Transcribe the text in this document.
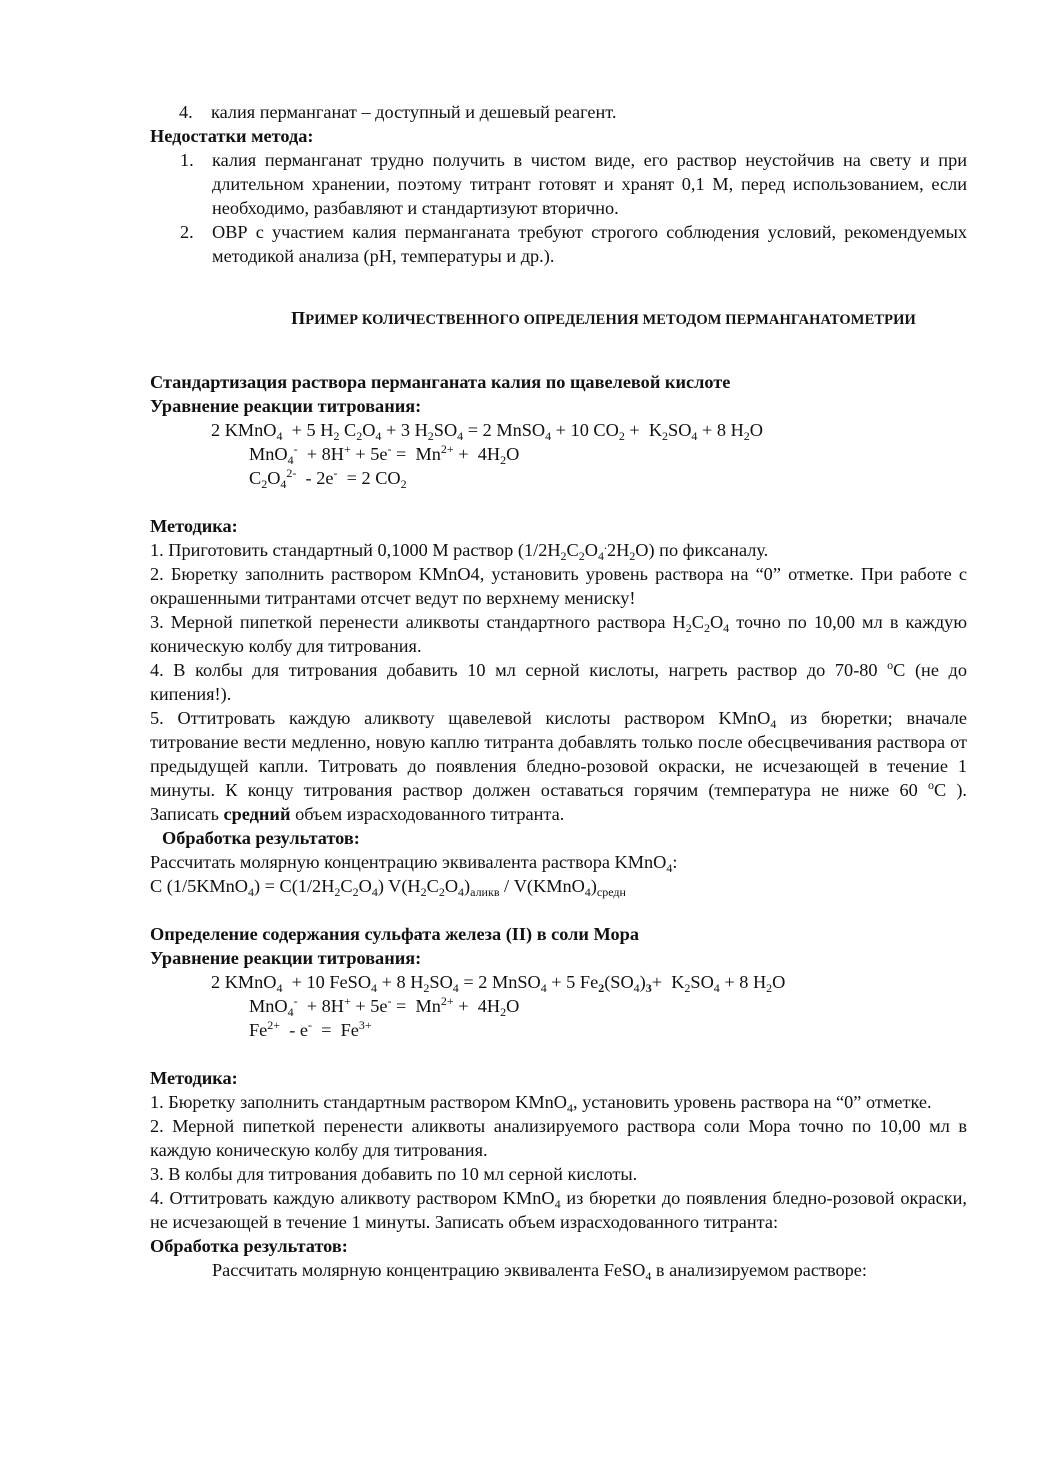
4. калия перманганат – доступный и дешевый реагент.

Недостатки метода:

1. калия перманганат трудно получить в чистом виде, его раствор неустойчив на свету и при длительном хранении, поэтому титрант готовят и хранят 0,1 М, перед использованием, если необходимо, разбавляют и стандартизуют вторично.
2. ОВР с участием калия перманганата требуют строгого соблюдения условий, рекомендуемых методикой анализа (рН, температуры и др.).

ПРИМЕР КОЛИЧЕСТВЕННОГО ОПРЕДЕЛЕНИЯ МЕТОДОМ ПЕРМАНГАНАТОМЕТРИИ

Стандартизация раствора перманганата калия по щавелевой кислоте

Уравнение реакции титрования:

2 KMnO$_4$  + 5 $H_2$ $C_2O_4 + 3$ $H_2SO_4 = 2$ MnSO$_4$ + 10 $CO_2 + K_2SO_4 + 8$ $H_2O$

$MnO_4^- + 8H^+ + 5e^- = Mn^{2+} + 4H_2O$

$C_2O_4^{2-} - 2e^- = 2$ $CO_2$

Методика:

1. Приготовить стандартный 0,1000 М раствор $(1/2H_2C_2O_4^.2H_2O)$ по фиксаналу.

2. Бюретку заполнить раствором KMnO4, установить уровень раствора на “0” отметке. При работе с окрашенными титрантами отсчет ведут по верхнему мениску!

3. Мерной пипеткой перенести аликвоты стандартного раствора $H_2C_2O_4$ точно по 10,00 мл в каждую коническую колбу для титрования.

4. В колбы для титрования добавить 10 мл серной кислоты, нагреть раствор до 70-80 $^o$С (не до кипения!).

5. Оттитровать каждую аликвоту щавелевой кислоты раствором KMnO$_4$ из бюретки; вначале титрование вести медленно, новую каплю титранта добавлять только после обесцвечивания раствора от предыдущей капли. Титровать до появления бледно-розовой окраски, не исчезающей в течение 1 минуты. К концу титрования раствор должен оставаться горячим (температура не ниже 60 $^o$С ). Записать средний объем израсходованного титранта.

Обработка результатов:

Рассчитать молярную концентрацию эквивалента раствора KMnO$_4$:

C (1/5KMnO$_4$) = $C(1/2H_2C_2O_4)$ $V(H_2C_2O_4)_{аликв}$ / $V(KMnO_4)_{средн}$

Определение содержания сульфата железа (II) в соли Мора

Уравнение реакции титрования:

2 KMnO$_4$  + 10 FeSO$_4$ + 8 $H_2SO_4 = 2$ MnSO$_4$ + 5 $Fe_2(SO_4)_3+ K_2SO_4 + 8$ $H_2O$

$MnO_4^- + 8H^+ + 5e^- = Mn^{2+} + 4H_2O$

$Fe^{2+} - e^- = Fe^{3+}$

Методика:

1. Бюретку заполнить стандартным раствором KMnO$_4$, установить уровень раствора на “0” отметке.

2. Мерной пипеткой перенести аликвоты анализируемого раствора соли Мора точно по 10,00 мл в каждую коническую колбу для титрования.

3. В колбы для титрования добавить по 10 мл серной кислоты.

4. Оттитровать каждую аликвоту раствором KMnO$_4$ из бюретки до появления бледно-розовой окраски, не исчезающей в течение 1 минуты. Записать объем израсходованного титранта:

Обработка результатов:

Рассчитать молярную концентрацию эквивалента FeSO$_4$ в анализируемом растворе:
